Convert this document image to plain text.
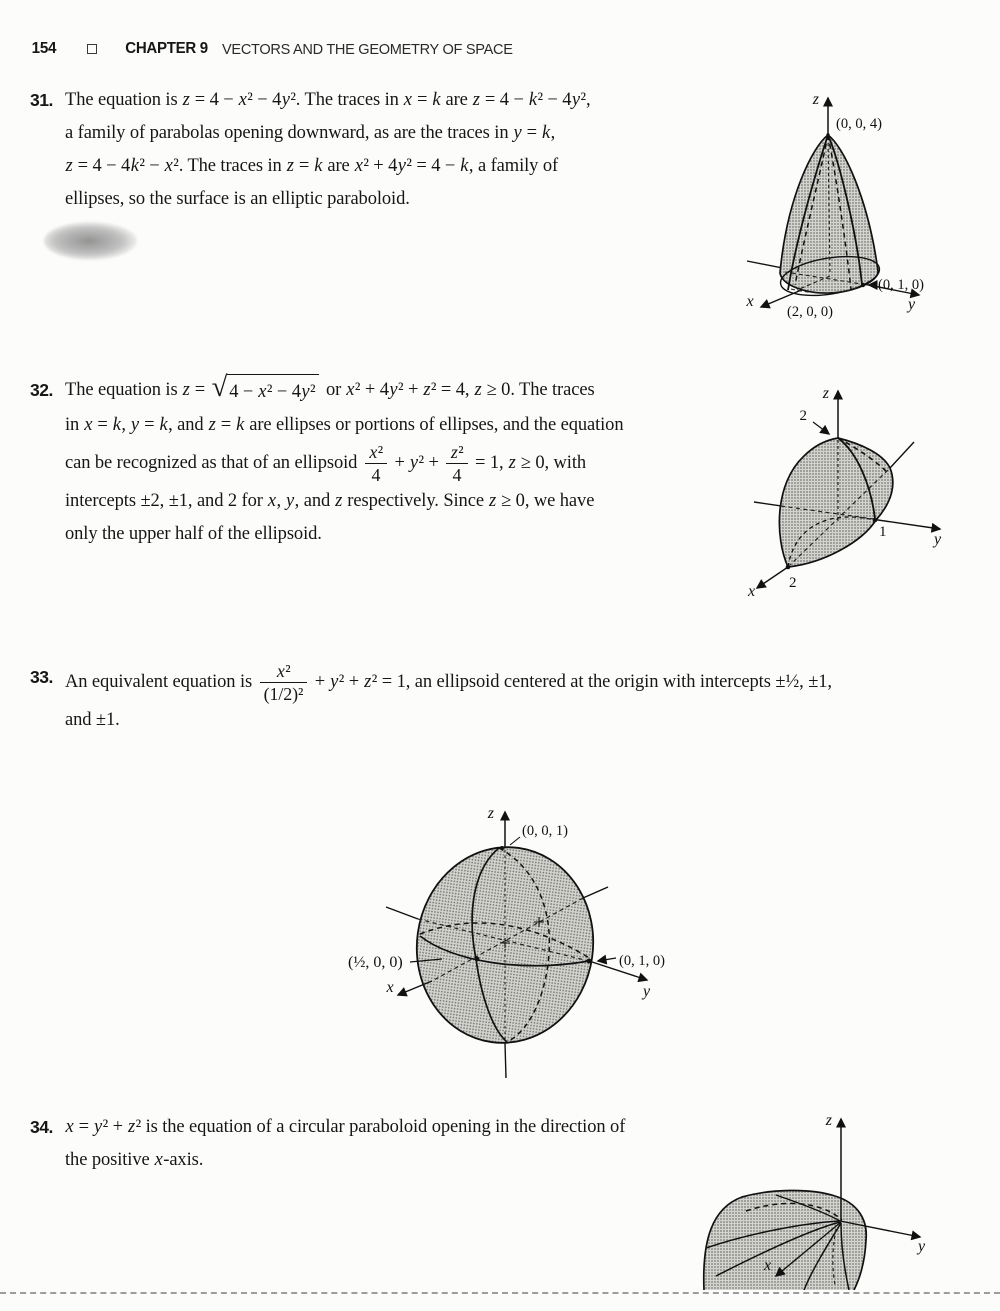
154	CHAPTER 9 VECTORS AND THE GEOMETRY OF SPACE
31. The equation is z = 4 − x² − 4y². The traces in x = k are z = 4 − k² − 4y²,
a family of parabolas opening downward, as are the traces in y = k,
z = 4 − 4k² − x². The traces in z = k are x² + 4y² = 4 − k, a family of
ellipses, so the surface is an elliptic paraboloid.
z
(0, 0, 4)
(0, 1, 0)
(2, 0, 0)
x	y
32. The equation is z = √ 4 − x² − 4y² or x² + 4y² + z² = 4, z ≥ 0. The traces
in x = k, y = k, and z = k are ellipses or portions of ellipses, and the equation
can be recognized as that of an ellipsoid $\frac{\text{x²}}{4} + y^2 + \frac{\text{z²}}{4} = 1$, z ≥ 0, with
intercepts ±2, ±1, and 2 for x, y, and z respectively. Since z ≥ 0, we have
only the upper half of the ellipsoid.
2
z
1
2
y
x
33. An equivalent equation is $\frac{\text{x²}}{\text{(1/2)²}} + y^2 + z^2 = 1$, an ellipsoid centered at the origin with intercepts ±½, ±1,
and ±1.
z
(0, 0, 1)
(½, 0, 0)	(0, 1, 0)
x	y
34. x = y² + z² is the equation of a circular paraboloid opening in the direction of
the positive x-axis.
z
y
x
